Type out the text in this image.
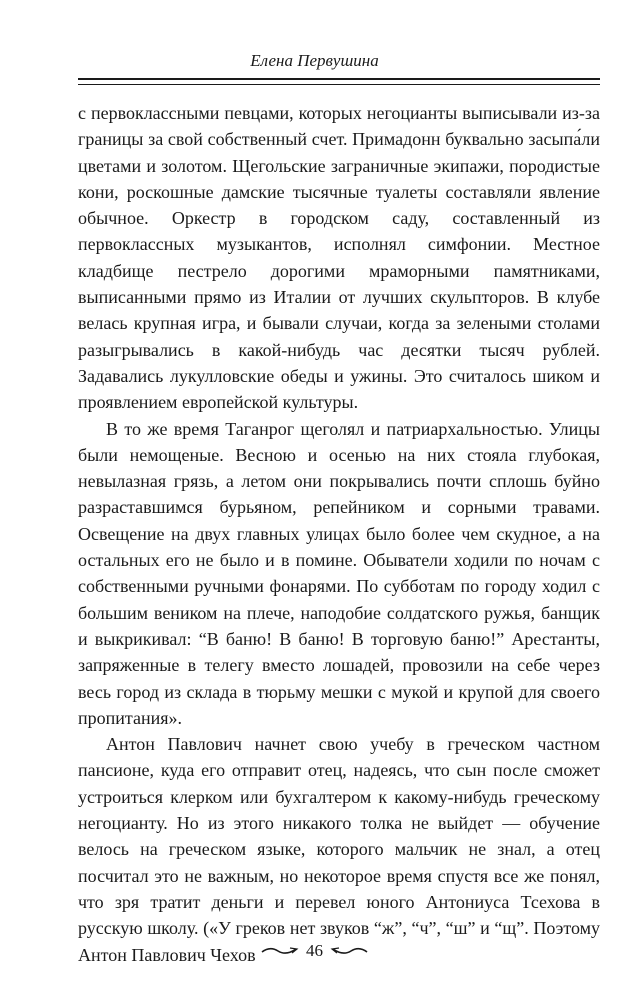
Елена Первушина

с первоклассными певцами, которых негоцианты выписывали из-за границы за свой собственный счет. Примадонн буквально засыпа́ли цветами и золотом. Щегольские заграничные экипажи, породистые кони, роскошные дамские тысячные туалеты составляли явление обычное. Оркестр в городском саду, составленный из первоклассных музыкантов, исполнял симфонии. Местное кладбище пестрело дорогими мраморными памятниками, выписанными прямо из Италии от лучших скульпторов. В клубе велась крупная игра, и бывали случаи, когда за зелеными столами разыгрывались в какой-нибудь час десятки тысяч рублей. Задавались лукулловские обеды и ужины. Это считалось шиком и проявлением европейской культуры.

В то же время Таганрог щеголял и патриархальностью. Улицы были немощеные. Весною и осенью на них стояла глубокая, невылазная грязь, а летом они покрывались почти сплошь буйно разраставшимся бурьяном, репейником и сорными травами. Освещение на двух главных улицах было более чем скудное, а на остальных его не было и в помине. Обыватели ходили по ночам с собственными ручными фонарями. По субботам по городу ходил с большим веником на плече, наподобие солдатского ружья, банщик и выкрикивал: “В баню! В баню! В торговую баню!” Арестанты, запряженные в телегу вместо лошадей, провозили на себе через весь город из склада в тюрьму мешки с мукой и крупой для своего пропитания».

Антон Павлович начнет свою учебу в греческом частном пансионе, куда его отправит отец, надеясь, что сын после сможет устроиться клерком или бухгалтером к какому-нибудь греческому негоцианту. Но из этого никакого толка не выйдет — обучение велось на греческом языке, которого мальчик не знал, а отец посчитал это не важным, но некоторое время спустя все же понял, что зря тратит деньги и перевел юного Антониуса Тсехова в русскую школу. («У греков нет звуков “ж”, “ч”, “ш” и “щ”. Поэтому Антон Павлович Чехов	46
